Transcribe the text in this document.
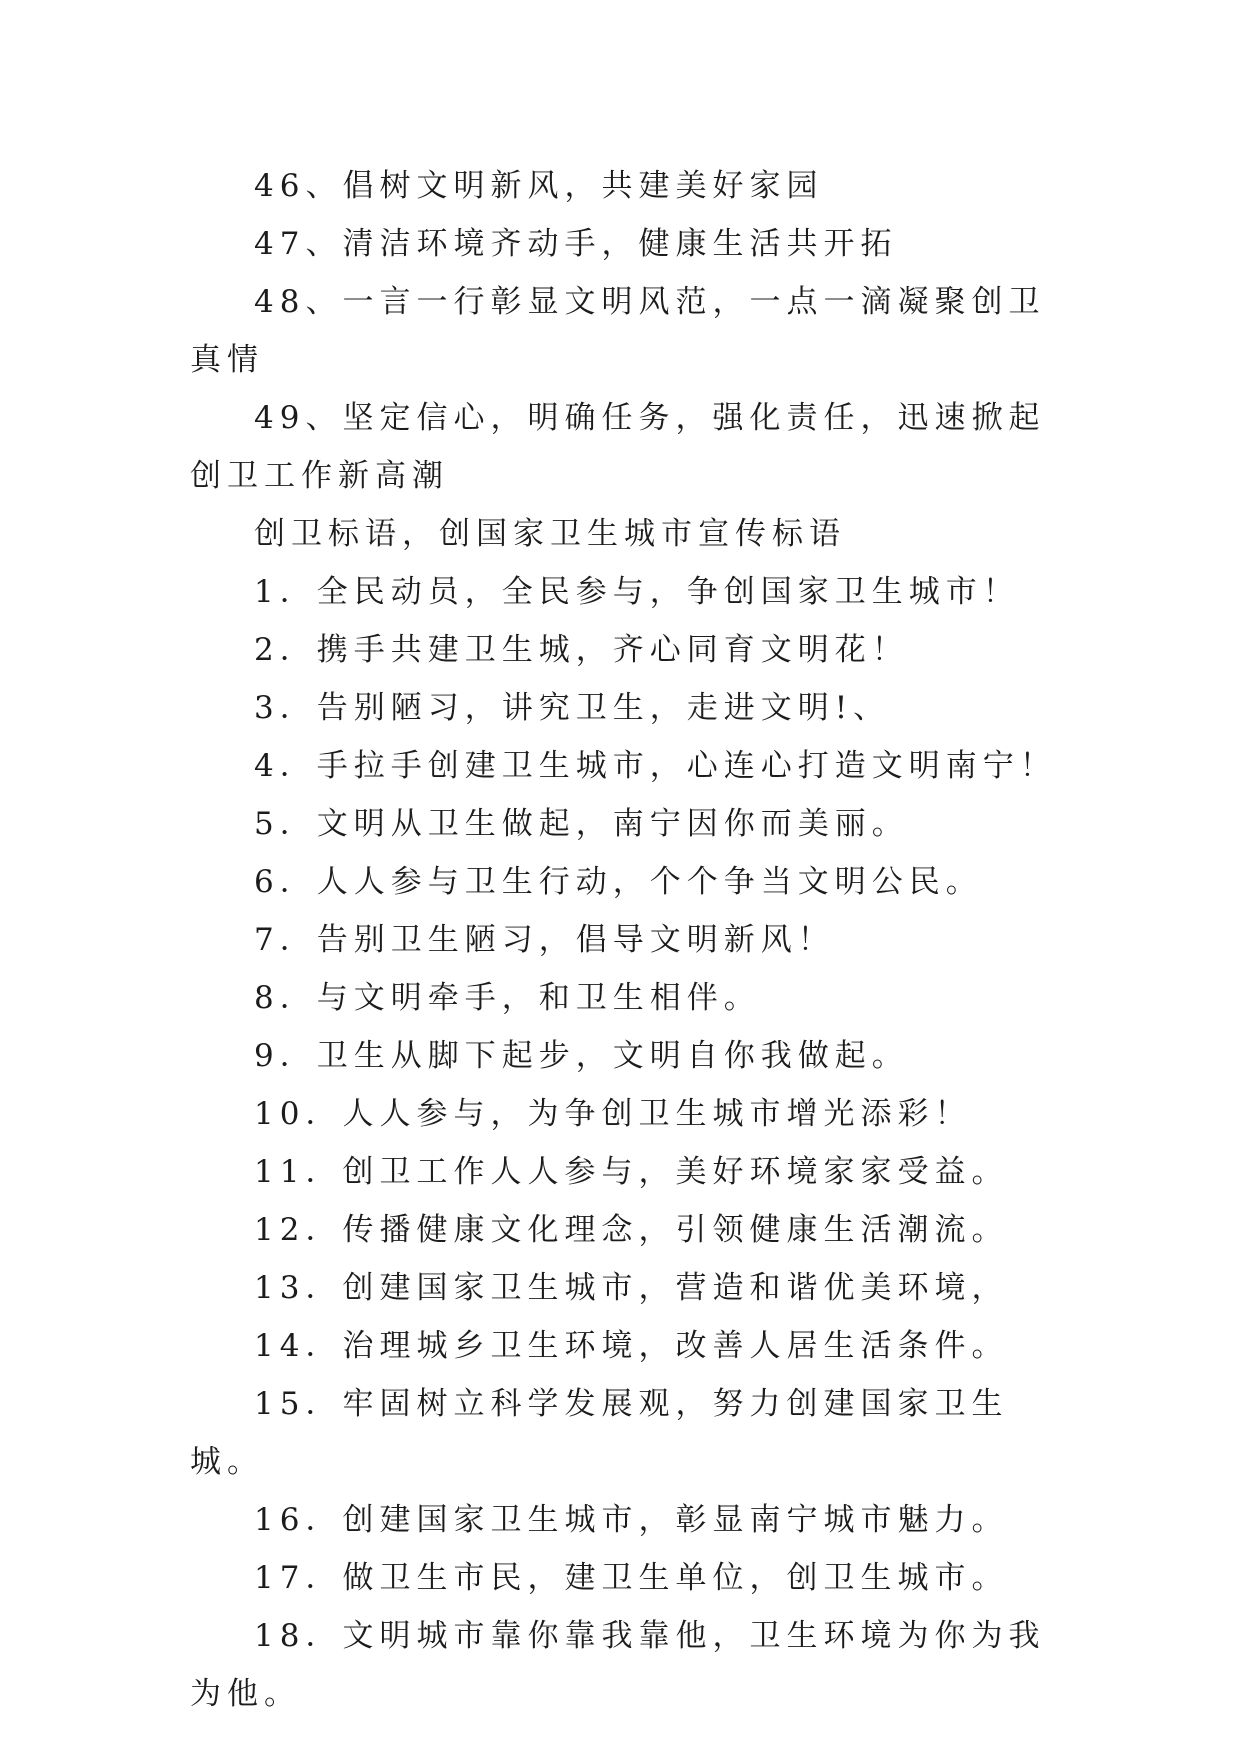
46、倡树文明新风，共建美好家园

47、清洁环境齐动手，健康生活共开拓

48、一言一行彰显文明风范，一点一滴凝聚创卫真情

49、坚定信心，明确任务，强化责任，迅速掀起创卫工作新高潮

创卫标语，创国家卫生城市宣传标语

1．全民动员，全民参与，争创国家卫生城市！

2．携手共建卫生城，齐心同育文明花！

3．告别陋习，讲究卫生，走进文明!、

4．手拉手创建卫生城市，心连心打造文明南宁！

5．文明从卫生做起，南宁因你而美丽。

6．人人参与卫生行动，个个争当文明公民。

7．告别卫生陋习，倡导文明新风！

8．与文明牵手，和卫生相伴。

9．卫生从脚下起步，文明自你我做起。

10．人人参与，为争创卫生城市增光添彩！

11．创卫工作人人参与，美好环境家家受益。

12．传播健康文化理念，引领健康生活潮流。

13．创建国家卫生城市，营造和谐优美环境，

14．治理城乡卫生环境，改善人居生活条件。

15．牢固树立科学发展观，努力创建国家卫生城。

16．创建国家卫生城市，彰显南宁城市魅力。

17．做卫生市民，建卫生单位，创卫生城市。

18．文明城市靠你靠我靠他，卫生环境为你为我为他。
